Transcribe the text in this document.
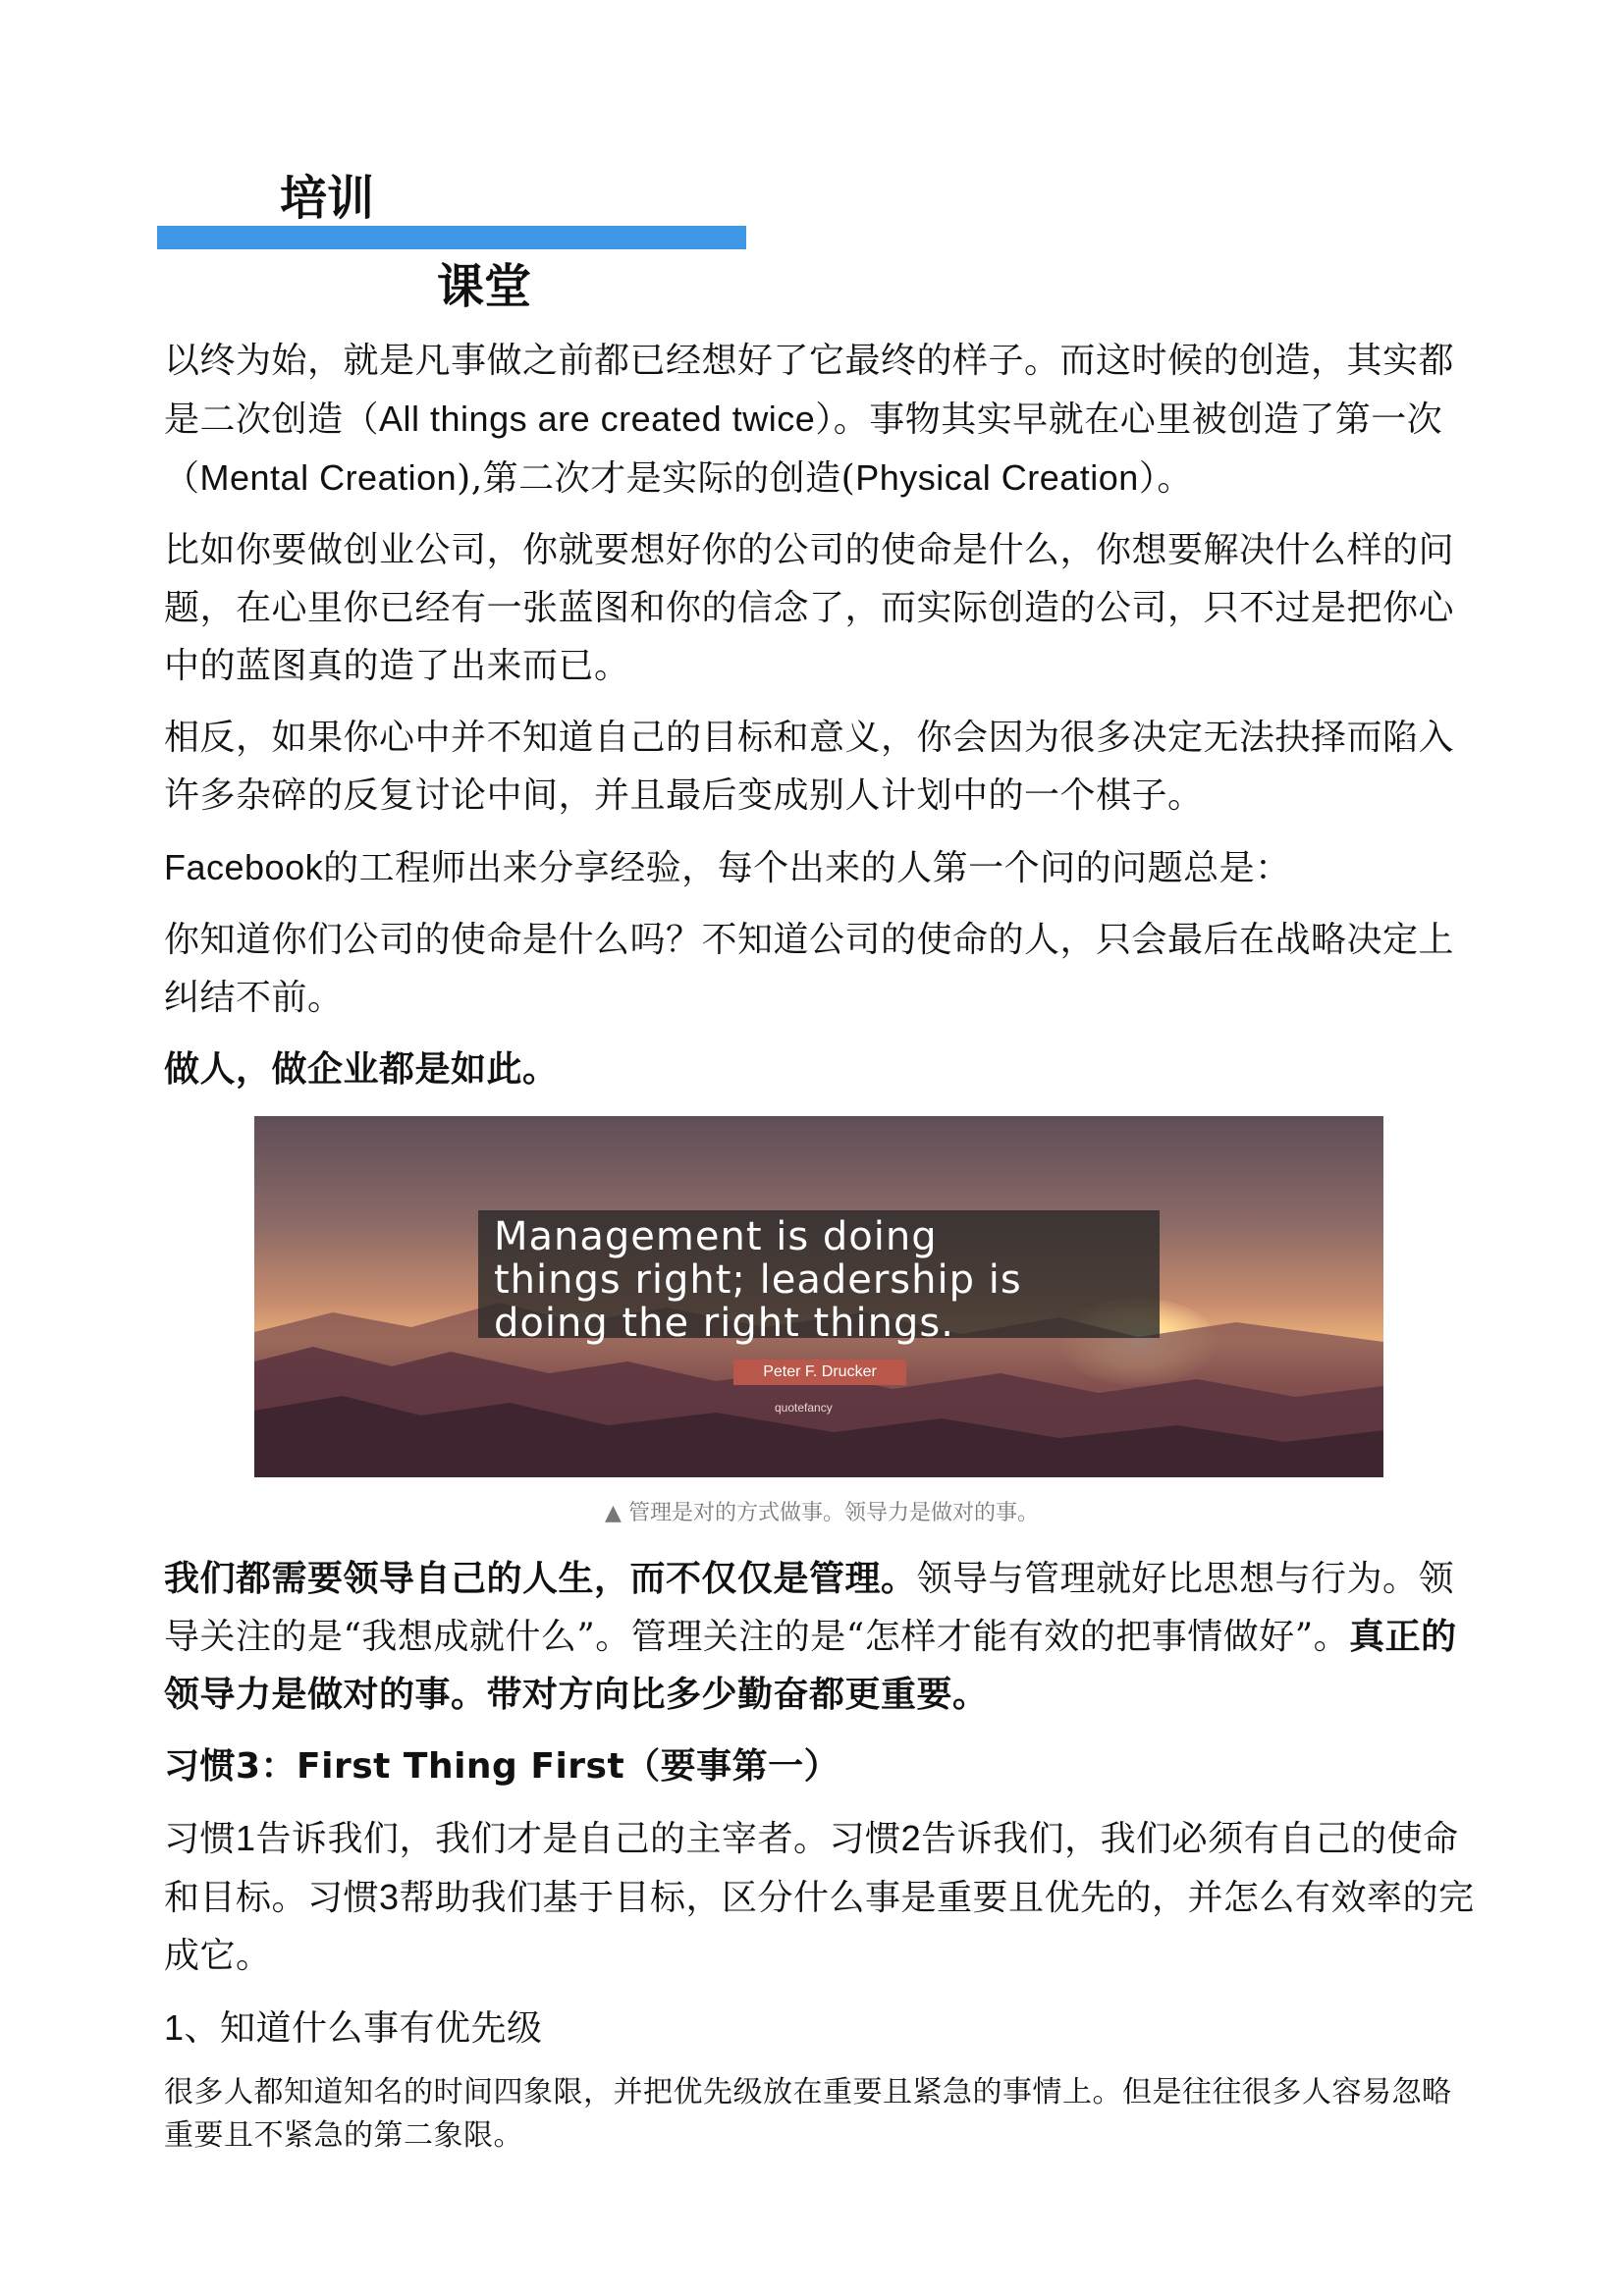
培训
课堂

以终为始，就是凡事做之前都已经想好了它最终的样子。而这时候的创造，其实都是二次创造（All things are created twice）。事物其实早就在心里被创造了第一次（Mental Creation),第二次才是实际的创造(Physical Creation）。

比如你要做创业公司，你就要想好你的公司的使命是什么，你想要解决什么样的问题，在心里你已经有一张蓝图和你的信念了，而实际创造的公司，只不过是把你心中的蓝图真的造了出来而已。

相反，如果你心中并不知道自己的目标和意义，你会因为很多决定无法抉择而陷入许多杂碎的反复讨论中间，并且最后变成别人计划中的一个棋子。

Facebook的工程师出来分享经验，每个出来的人第一个问的问题总是：

你知道你们公司的使命是什么吗？不知道公司的使命的人，只会最后在战略决定上纠结不前。

做人，做企业都是如此。

Management is doing
things right; leadership is
doing the right things.
Peter F. Drucker
quotefancy
▲ 管理是对的方式做事。领导力是做对的事。

我们都需要领导自己的人生，而不仅仅是管理。领导与管理就好比思想与行为。领导关注的是“我想成就什么”。管理关注的是“怎样才能有效的把事情做好”。真正的领导力是做对的事。带对方向比多少勤奋都更重要。

习惯3：First Thing First（要事第一）

习惯1告诉我们，我们才是自己的主宰者。习惯2告诉我们，我们必须有自己的使命和目标。习惯3帮助我们基于目标，区分什么事是重要且优先的，并怎么有效率的完成它。

1、知道什么事有优先级

很多人都知道知名的时间四象限，并把优先级放在重要且紧急的事情上。但是往往很多人容易忽略重要且不紧急的第二象限。
